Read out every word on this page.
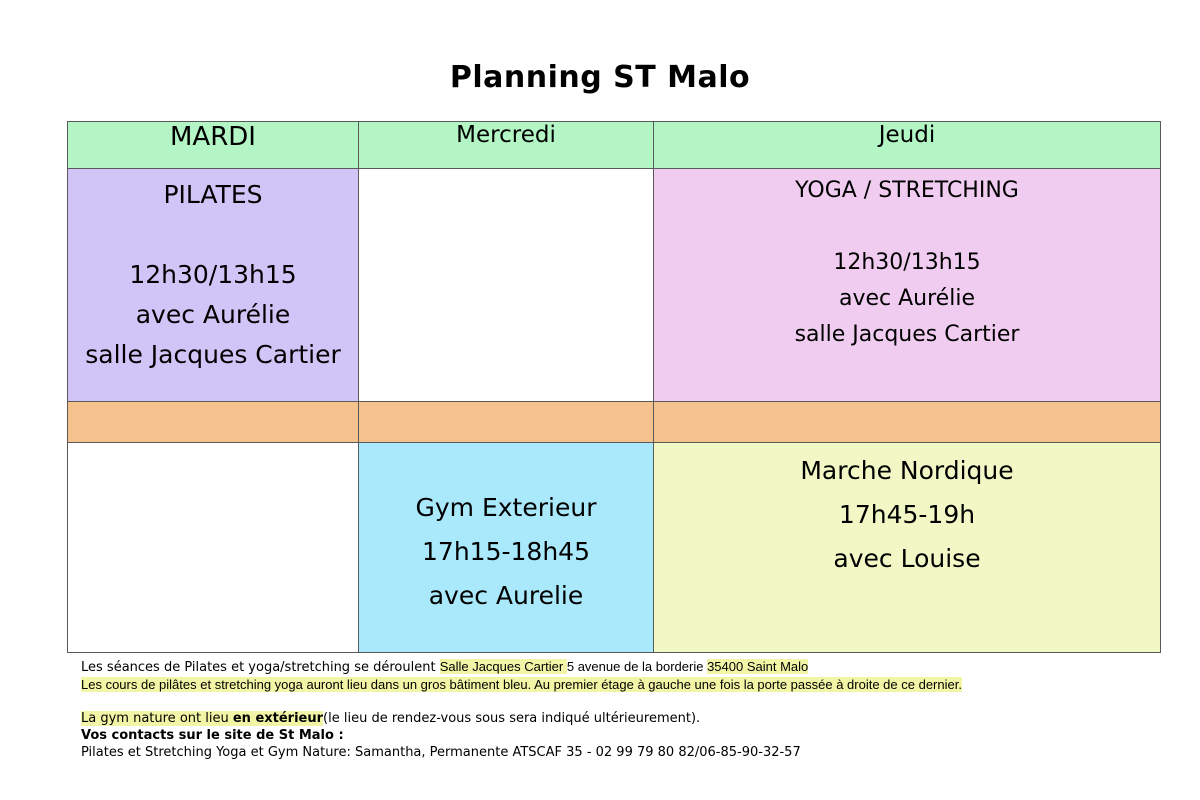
Planning ST Malo
MARDI	Mercredi	Jeudi

PILATES
12h30/13h15
avec Aurélie
salle Jacques Cartier		YOGA / STRETCHING
12h30/13h15
avec Aurélie
salle Jacques Cartier

	Gym Exterieur
17h15-18h45
avec Aurelie	Marche Nordique
17h45-19h
avec Louise
Les séances de Pilates et yoga/stretching se déroulent Salle Jacques Cartier 5 avenue de la borderie 35400 Saint Malo
Les cours de pilâtes et stretching yoga auront lieu dans un gros bâtiment bleu. Au premier étage à gauche une fois la porte passée à droite de ce dernier.
La gym nature ont lieu en extérieur(le lieu de rendez-vous sous sera indiqué ultérieurement).
Vos contacts sur le site de St Malo :
Pilates et Stretching Yoga et Gym Nature: Samantha, Permanente ATSCAF 35 - 02 99 79 80 82/06-85-90-32-57
